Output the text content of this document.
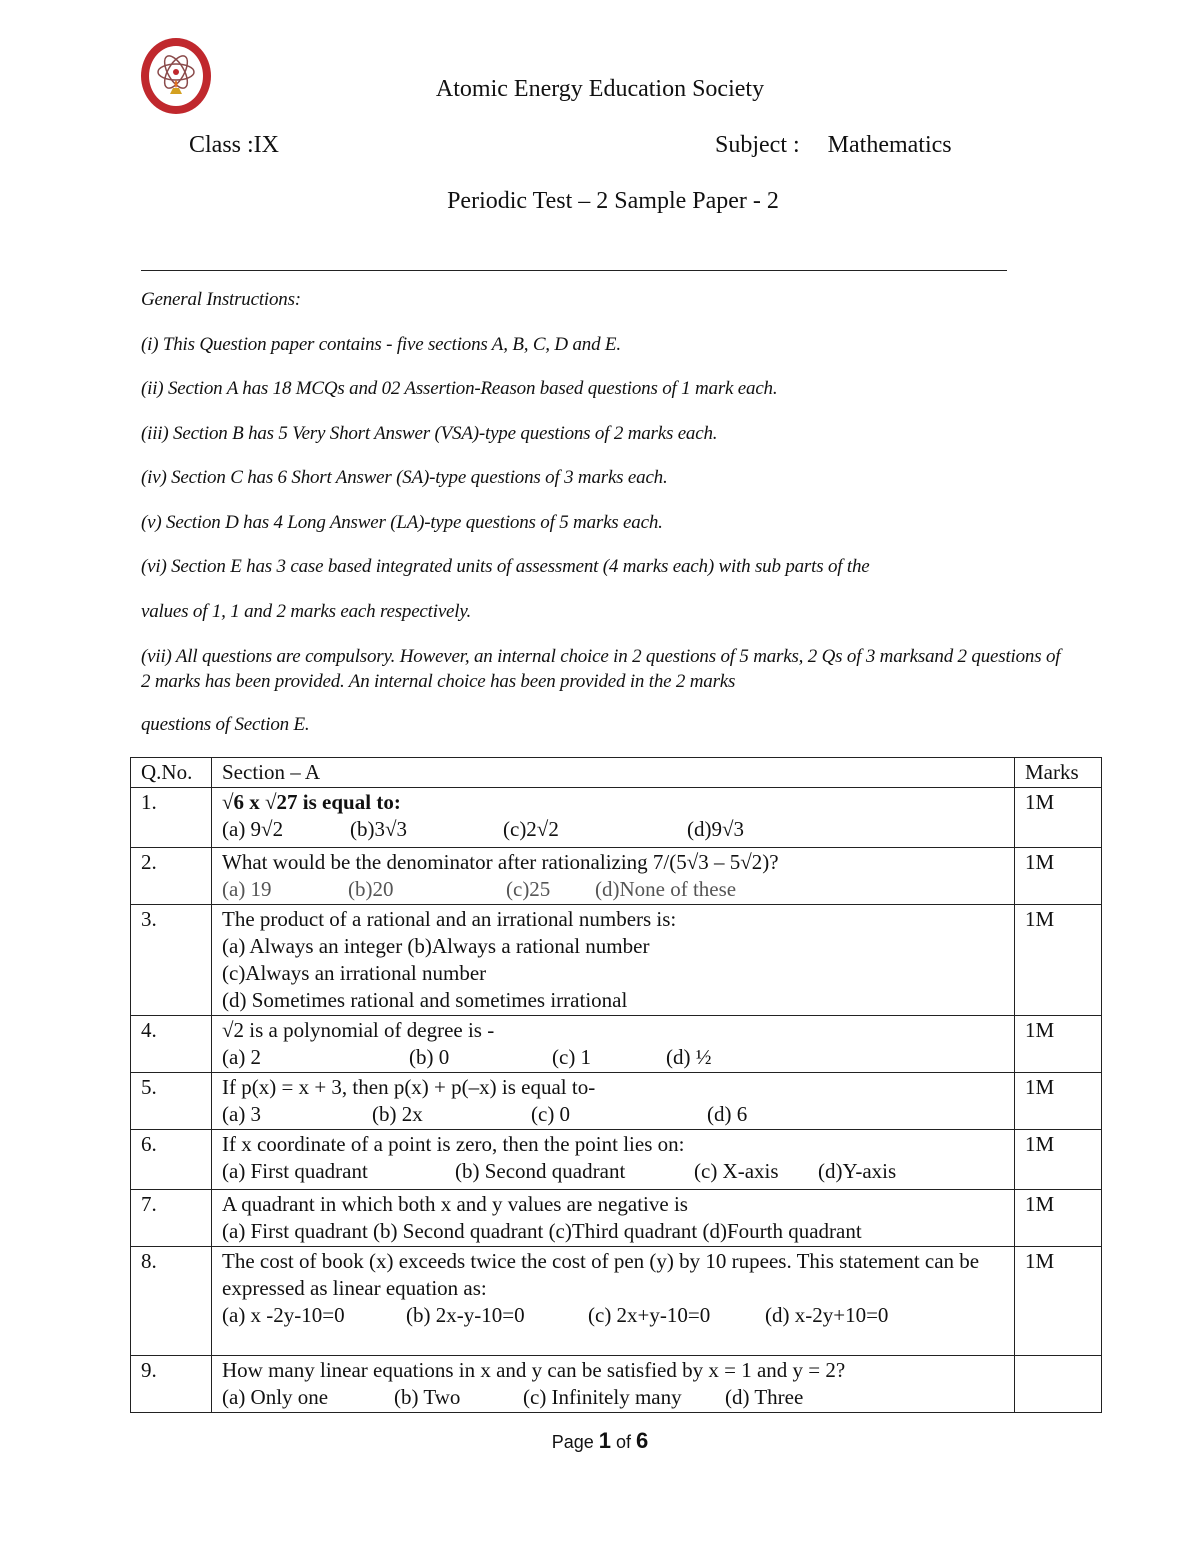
Atomic Energy Education Society
Class :IX	Subject : Mathematics
Periodic Test – 2 Sample Paper - 2
General Instructions:
(i) This Question paper contains - five sections A, B, C, D and E.
(ii) Section A has 18 MCQs and 02 Assertion-Reason based questions of 1 mark each.
(iii) Section B has 5 Very Short Answer (VSA)-type questions of 2 marks each.
(iv) Section C has 6 Short Answer (SA)-type questions of 3 marks each.
(v) Section D has 4 Long Answer (LA)-type questions of 5 marks each.
(vi) Section E has 3 case based integrated units of assessment (4 marks each) with sub parts of the
values of 1, 1 and 2 marks each respectively.
(vii) All questions are compulsory. However, an internal choice in 2 questions of 5 marks, 2 Qs of 3 marksand 2 questions of 2 marks has been provided. An internal choice has been provided in the 2 marks
questions of Section E.
Q.No.	Section – A	Marks
1.	√6 x √27 is equal to:
(a) 9√2 (b)3√3 (c)2√2 (d)9√3	1M
2.	What would be the denominator after rationalizing 7/(5√3 – 5√2)?
(a) 19 (b)20 (c)25 (d)None of these	1M
3.	The product of a rational and an irrational numbers is:
(a) Always an integer (b)Always a rational number
(c)Always an irrational number
(d) Sometimes rational and sometimes irrational	1M
4.	√2 is a polynomial of degree is -
(a) 2 (b) 0 (c) 1 (d) ½	1M
5.	If p(x) = x + 3, then p(x) + p(–x) is equal to-
(a) 3 (b) 2x (c) 0 (d) 6	1M
6.	If x coordinate of a point is zero, then the point lies on:
(a) First quadrant (b) Second quadrant (c) X-axis (d)Y-axis	1M
7.	A quadrant in which both x and y values are negative is
(a) First quadrant (b) Second quadrant (c)Third quadrant (d)Fourth quadrant	1M
8.	The cost of book (x) exceeds twice the cost of pen (y) by 10 rupees. This statement can be
expressed as linear equation as:
(a) x -2y-10=0 (b) 2x-y-10=0 (c) 2x+y-10=0 (d) x-2y+10=0	1M
9.	How many linear equations in x and y can be satisfied by x = 1 and y = 2?
(a) Only one (b) Two (c) Infinitely many (d) Three	

Page 1 of 6
